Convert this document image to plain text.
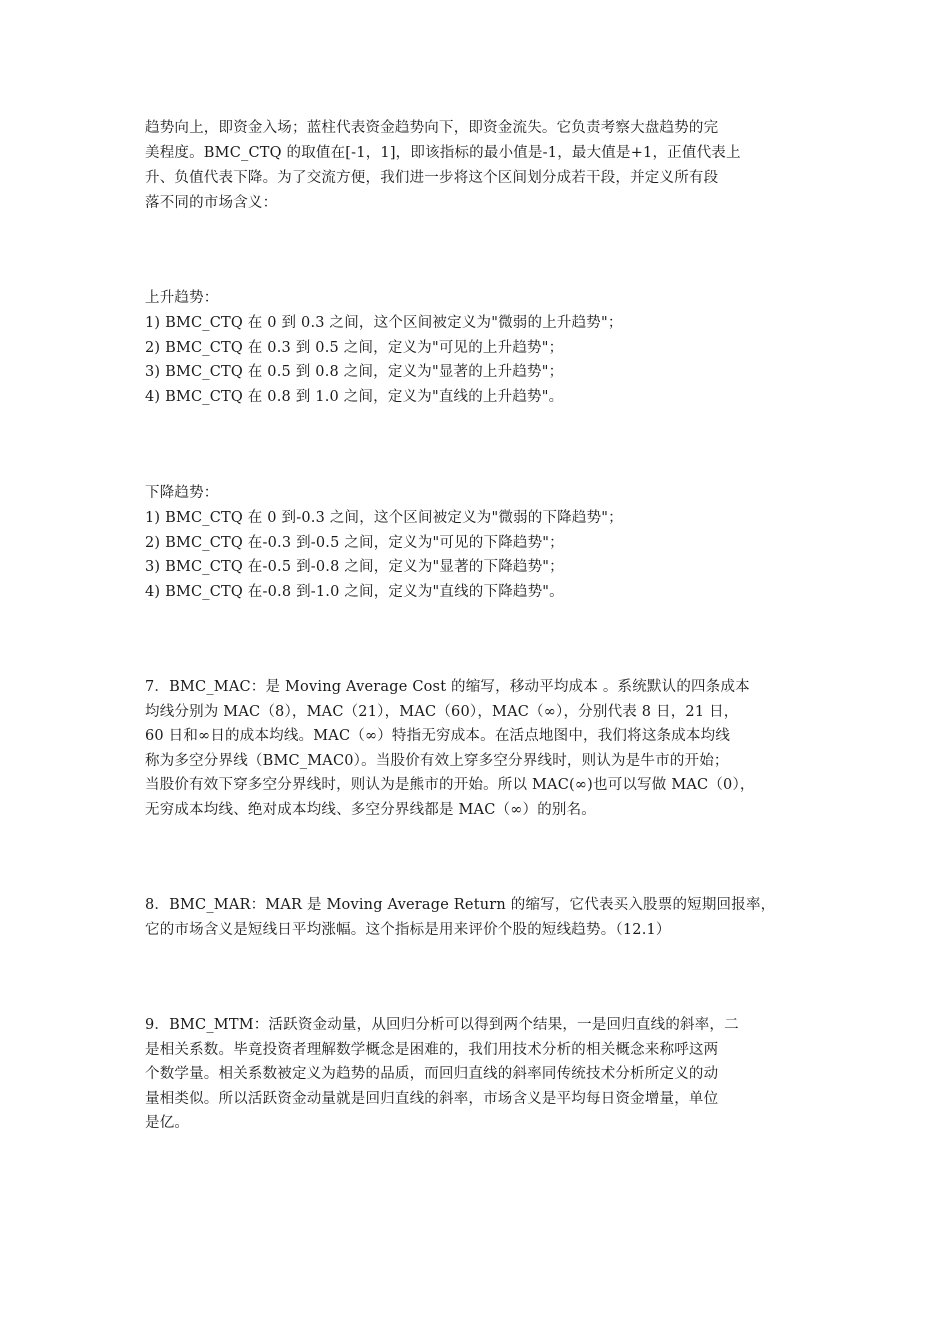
趋势向上，即资金入场；蓝柱代表资金趋势向下，即资金流失。它负责考察大盘趋势的完
美程度。BMC_CTQ 的取值在[-1，1]，即该指标的最小值是-1，最大值是+1，正值代表上
升、负值代表下降。为了交流方便，我们进一步将这个区间划分成若干段，并定义所有段
落不同的市场含义：
上升趋势：
1) BMC_CTQ 在 0 到 0.3 之间，这个区间被定义为"微弱的上升趋势"；
2) BMC_CTQ 在 0.3 到 0.5 之间，定义为"可见的上升趋势"；
3) BMC_CTQ 在 0.5 到 0.8 之间，定义为"显著的上升趋势"；
4) BMC_CTQ 在 0.8 到 1.0 之间，定义为"直线的上升趋势"。
下降趋势：
1) BMC_CTQ 在 0 到-0.3 之间，这个区间被定义为"微弱的下降趋势"；
2) BMC_CTQ 在-0.3 到-0.5 之间，定义为"可见的下降趋势"；
3) BMC_CTQ 在-0.5 到-0.8 之间，定义为"显著的下降趋势"；
4) BMC_CTQ 在-0.8 到-1.0 之间，定义为"直线的下降趋势"。
7．BMC_MAC：是 Moving Average Cost 的缩写，移动平均成本 。系统默认的四条成本
均线分别为 MAC（8），MAC（21），MAC（60），MAC（∞），分别代表 8 日，21 日，
60 日和∞日的成本均线。MAC（∞）特指无穷成本。在活点地图中，我们将这条成本均线
称为多空分界线（BMC_MAC0）。当股价有效上穿多空分界线时，则认为是牛市的开始；
当股价有效下穿多空分界线时，则认为是熊市的开始。所以 MAC(∞)也可以写做 MAC（0），
无穷成本均线、绝对成本均线、多空分界线都是 MAC（∞）的别名。
8．BMC_MAR：MAR 是 Moving Average Return 的缩写，它代表买入股票的短期回报率，
它的市场含义是短线日平均涨幅。这个指标是用来评价个股的短线趋势。（12.1）
9．BMC_MTM：活跃资金动量，从回归分析可以得到两个结果，一是回归直线的斜率，二
是相关系数。毕竟投资者理解数学概念是困难的，我们用技术分析的相关概念来称呼这两
个数学量。相关系数被定义为趋势的品质，而回归直线的斜率同传统技术分析所定义的动
量相类似。所以活跃资金动量就是回归直线的斜率，市场含义是平均每日资金增量，单位
是亿。
